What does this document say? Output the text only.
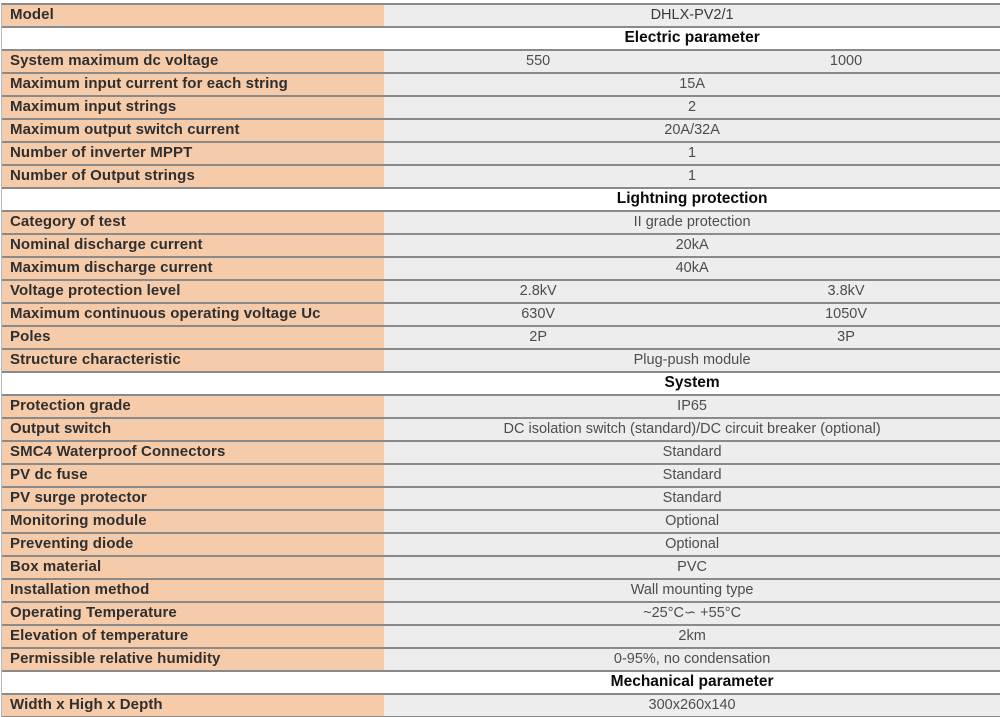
Model	DHLX-PV2/1
Electric parameter
System maximum dc voltage	550	1000
Maximum input current for each string	15A
Maximum input strings	2
Maximum output switch current	20A/32A
Number of inverter MPPT	1
Number of Output strings	1
Lightning protection
Category of test	II grade protection
Nominal discharge current	20kA
Maximum discharge current	40kA
Voltage protection level	2.8kV	3.8kV
Maximum continuous operating voltage Uc	630V	1050V
Poles	2P	3P
Structure characteristic	Plug-push module
System
Protection grade	IP65
Output switch	DC isolation switch (standard)/DC circuit breaker (optional)
SMC4 Waterproof Connectors	Standard
PV dc fuse	Standard
PV surge protector	Standard
Monitoring module	Optional
Preventing diode	Optional
Box material	PVC
Installation method	Wall mounting type
Operating Temperature	~25°C∽ +55°C
Elevation of temperature	2km
Permissible relative humidity	0-95%, no condensation
Mechanical parameter
Width x High x Depth	300x260x140
